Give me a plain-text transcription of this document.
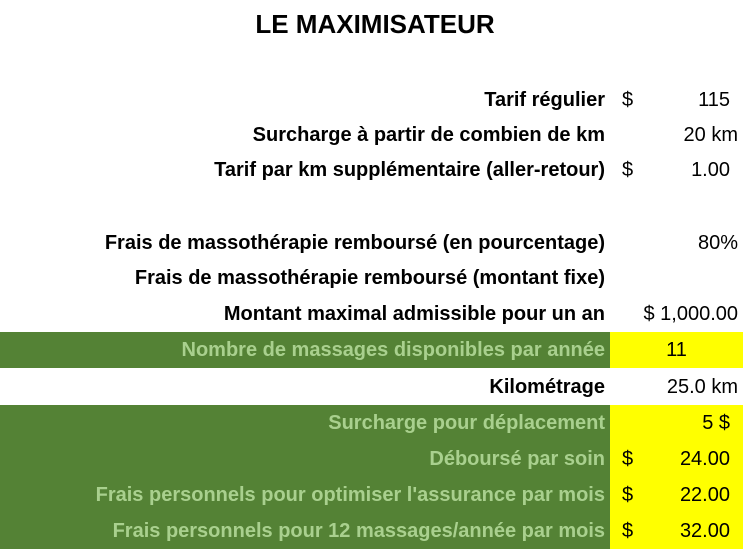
LE MAXIMISATEUR
Tarif régulier $	115
Surcharge à partir de combien de km	20 km
Tarif par km supplémentaire (aller-retour) $	1.00
Frais de massothérapie remboursé (en pourcentage)	80%
Frais de massothérapie remboursé (montant fixe)
Montant maximal admissible pour un an $ 1,000.00
Nombre de massages disponibles par année	11
Kilométrage	25.0 km
Surcharge pour déplacement	5 $
Déboursé par soin $ 24.00
Frais personnels pour optimiser l'assurance par mois $ 22.00
Frais personnels pour 12 massages/année par mois $ 32.00
